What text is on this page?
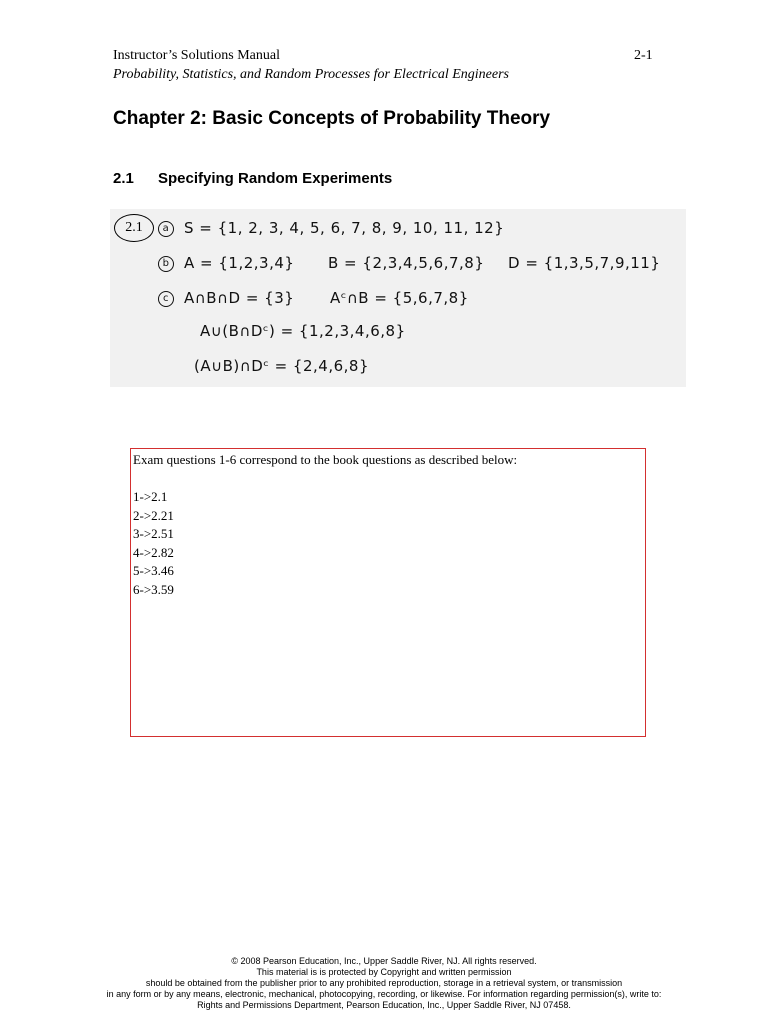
Instructor’s Solutions Manual
Probability, Statistics, and Random Processes for Electrical Engineers
2-1
Chapter 2: Basic Concepts of Probability Theory
2.1 Specifying Random Experiments
2.1	a S = {1, 2, 3, 4, 5, 6, 7, 8, 9, 10, 11, 12}
b A = {1,2,3,4} B = {2,3,4,5,6,7,8} D = {1,3,5,7,9,11}
c A∩B∩D = {3} Aᶜ∩B = {5,6,7,8}
A∪(B∩Dᶜ) = {1,2,3,4,6,8}
(A∪B)∩Dᶜ = {2,4,6,8}
Exam questions 1-6 correspond to the book questions as described below:

1->2.1
2->2.21
3->2.51
4->2.82
5->3.46
6->3.59
© 2008 Pearson Education, Inc., Upper Saddle River, NJ. All rights reserved.
This material is is protected by Copyright and written permission
should be obtained from the publisher prior to any prohibited reproduction, storage in a retrieval system, or transmission
in any form or by any means, electronic, mechanical, photocopying, recording, or likewise. For information regarding permission(s), write to:
Rights and Permissions Department, Pearson Education, Inc., Upper Saddle River, NJ 07458.
